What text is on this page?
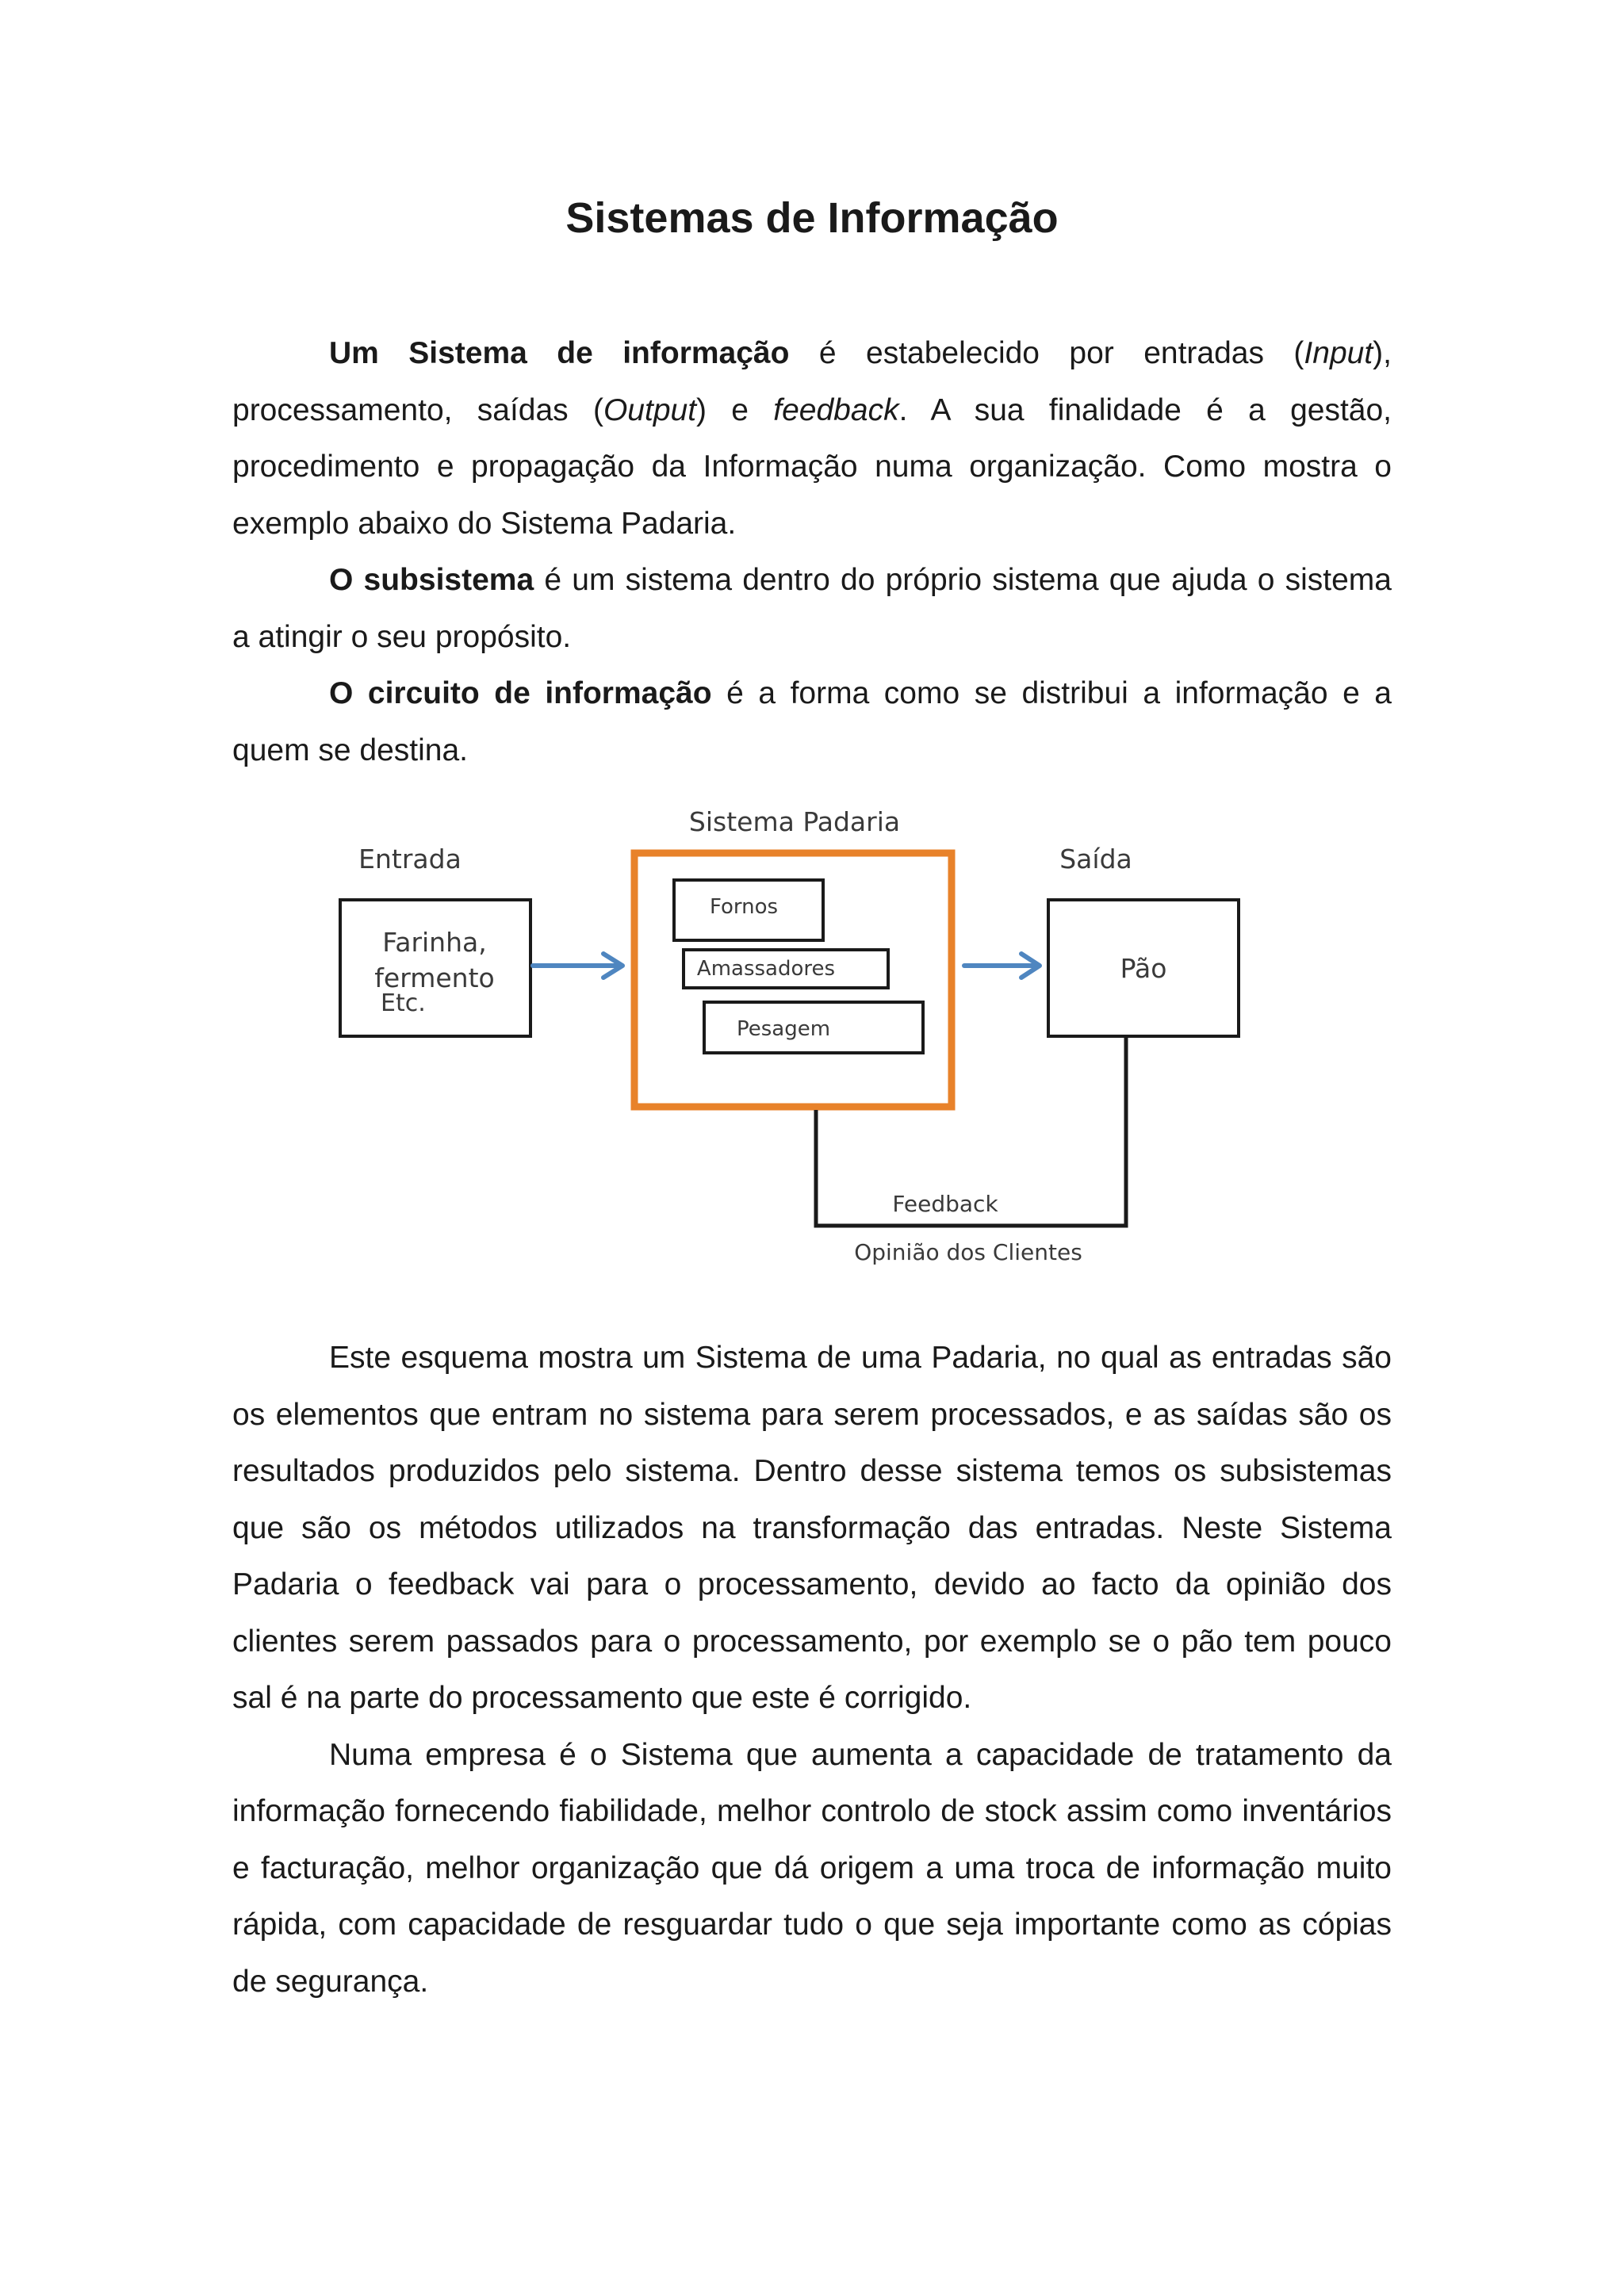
Sistemas de Informação

Um Sistema de informação é estabelecido por entradas (Input), processamento, saídas (Output) e feedback. A sua finalidade é a gestão, procedimento e propagação da Informação numa organização. Como mostra o exemplo abaixo do Sistema Padaria.

O subsistema é um sistema dentro do próprio sistema que ajuda o sistema a atingir o seu propósito.

O circuito de informação é a forma como se distribui a informação e a quem se destina.

Sistema Padaria
Entrada
Farinha,
fermento
Etc.
Fornos
Amassadores
Pesagem
Saída
Pão
Feedback
Opinião dos Clientes

Este esquema mostra um Sistema de uma Padaria, no qual as entradas são os elementos que entram no sistema para serem processados, e as saídas são os resultados produzidos pelo sistema. Dentro desse sistema temos os subsistemas que são os métodos utilizados na transformação das entradas. Neste Sistema Padaria o feedback vai para o processamento, devido ao facto da opinião dos clientes serem passados para o processamento, por exemplo se o pão tem pouco sal é na parte do processamento que este é corrigido.

Numa empresa é o Sistema que aumenta a capacidade de tratamento da informação fornecendo fiabilidade, melhor controlo de stock assim como inventários e facturação, melhor organização que dá origem a uma troca de informação muito rápida, com capacidade de resguardar tudo o que seja importante como as cópias de segurança.
